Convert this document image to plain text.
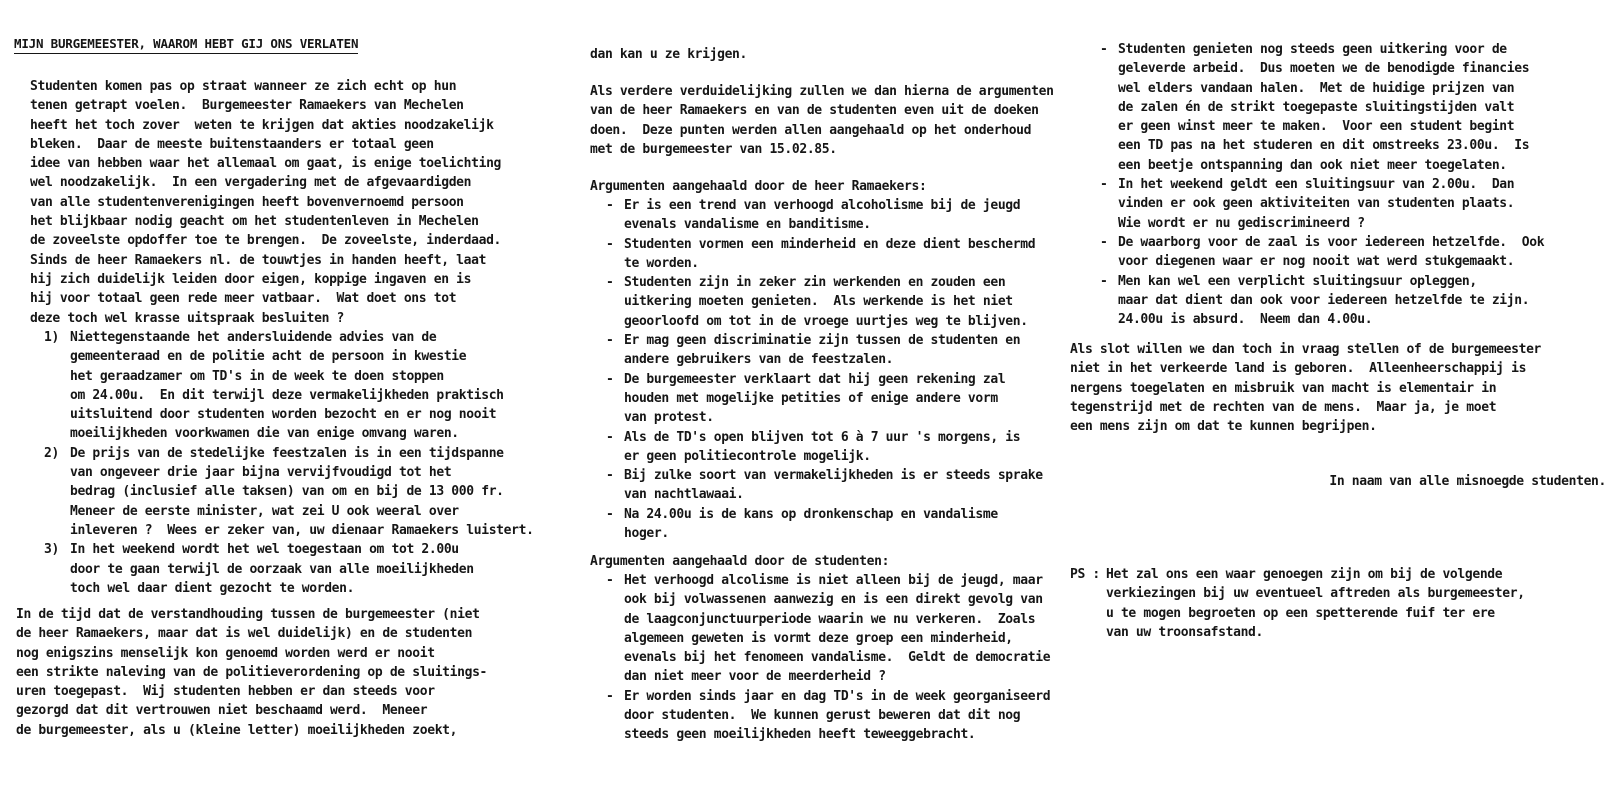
MIJN BURGEMEESTER, WAAROM HEBT GIJ ONS VERLATEN
Studenten komen pas op straat wanneer ze zich echt op hun
tenen getrapt voelen.  Burgemeester Ramaekers van Mechelen
heeft het toch zover  weten te krijgen dat akties noodzakelijk
bleken.  Daar de meeste buitenstaanders er totaal geen
idee van hebben waar het allemaal om gaat, is enige toelichting
wel noodzakelijk.  In een vergadering met de afgevaardigden
van alle studentenverenigingen heeft bovenvernoemd persoon
het blijkbaar nodig geacht om het studentenleven in Mechelen
de zoveelste opdoffer toe te brengen.  De zoveelste, inderdaad.
Sinds de heer Ramaekers nl. de touwtjes in handen heeft, laat
hij zich duidelijk leiden door eigen, koppige ingaven en is
hij voor totaal geen rede meer vatbaar.  Wat doet ons tot
deze toch wel krasse uitspraak besluiten ?
1) Niettegenstaande het andersluidende advies van de
gemeenteraad en de politie acht de persoon in kwestie
het geraadzamer om TD's in de week te doen stoppen
om 24.00u.  En dit terwijl deze vermakelijkheden praktisch
uitsluitend door studenten worden bezocht en er nog nooit
moeilijkheden voorkwamen die van enige omvang waren.
2) De prijs van de stedelijke feestzalen is in een tijdspanne
van ongeveer drie jaar bijna vervijfvoudigd tot het
bedrag (inclusief alle taksen) van om en bij de 13 000 fr.
Meneer de eerste minister, wat zei U ook weeral over
inleveren ?  Wees er zeker van, uw dienaar Ramaekers luistert.
3) In het weekend wordt het wel toegestaan om tot 2.00u
door te gaan terwijl de oorzaak van alle moeilijkheden
toch wel daar dient gezocht te worden.
In de tijd dat de verstandhouding tussen de burgemeester (niet
de heer Ramaekers, maar dat is wel duidelijk) en de studenten
nog enigszins menselijk kon genoemd worden werd er nooit
een strikte naleving van de politieverordening op de sluitings-
uren toegepast.  Wij studenten hebben er dan steeds voor
gezorgd dat dit vertrouwen niet beschaamd werd.  Meneer
de burgemeester, als u (kleine letter) moeilijkheden zoekt,
dan kan u ze krijgen.
Als verdere verduidelijking zullen we dan hierna de argumenten
van de heer Ramaekers en van de studenten even uit de doeken
doen.  Deze punten werden allen aangehaald op het onderhoud
met de burgemeester van 15.02.85.
Argumenten aangehaald door de heer Ramaekers:
- Er is een trend van verhoogd alcoholisme bij de jeugd
evenals vandalisme en banditisme.
- Studenten vormen een minderheid en deze dient beschermd
te worden.
- Studenten zijn in zeker zin werkenden en zouden een
uitkering moeten genieten.  Als werkende is het niet
geoorloofd om tot in de vroege uurtjes weg te blijven.
- Er mag geen discriminatie zijn tussen de studenten en
andere gebruikers van de feestzalen.
- De burgemeester verklaart dat hij geen rekening zal
houden met mogelijke petities of enige andere vorm
van protest.
- Als de TD's open blijven tot 6 à 7 uur 's morgens, is
er geen politiecontrole mogelijk.
- Bij zulke soort van vermakelijkheden is er steeds sprake
van nachtlawaai.
- Na 24.00u is de kans op dronkenschap en vandalisme
hoger.
Argumenten aangehaald door de studenten:
- Het verhoogd alcolisme is niet alleen bij de jeugd, maar
ook bij volwassenen aanwezig en is een direkt gevolg van
de laagconjunctuurperiode waarin we nu verkeren.  Zoals
algemeen geweten is vormt deze groep een minderheid,
evenals bij het fenomeen vandalisme.  Geldt de democratie
dan niet meer voor de meerderheid ?
- Er worden sinds jaar en dag TD's in de week georganiseerd
door studenten.  We kunnen gerust beweren dat dit nog
steeds geen moeilijkheden heeft teweeggebracht.
- Studenten genieten nog steeds geen uitkering voor de
geleverde arbeid.  Dus moeten we de benodigde financies
wel elders vandaan halen.  Met de huidige prijzen van
de zalen én de strikt toegepaste sluitingstijden valt
er geen winst meer te maken.  Voor een student begint
een TD pas na het studeren en dit omstreeks 23.00u.  Is
een beetje ontspanning dan ook niet meer toegelaten.
- In het weekend geldt een sluitingsuur van 2.00u.  Dan
vinden er ook geen aktiviteiten van studenten plaats.
Wie wordt er nu gediscrimineerd ?
- De waarborg voor de zaal is voor iedereen hetzelfde.  Ook
voor diegenen waar er nog nooit wat werd stukgemaakt.
- Men kan wel een verplicht sluitingsuur opleggen,
maar dat dient dan ook voor iedereen hetzelfde te zijn.
24.00u is absurd.  Neem dan 4.00u.
Als slot willen we dan toch in vraag stellen of de burgemeester
niet in het verkeerde land is geboren.  Alleenheerschappij is
nergens toegelaten en misbruik van macht is elementair in
tegenstrijd met de rechten van de mens.  Maar ja, je moet
een mens zijn om dat te kunnen begrijpen.
In naam van alle misnoegde studenten.
PS : Het zal ons een waar genoegen zijn om bij de volgende
verkiezingen bij uw eventueel aftreden als burgemeester,
u te mogen begroeten op een spetterende fuif ter ere
van uw troonsafstand.
